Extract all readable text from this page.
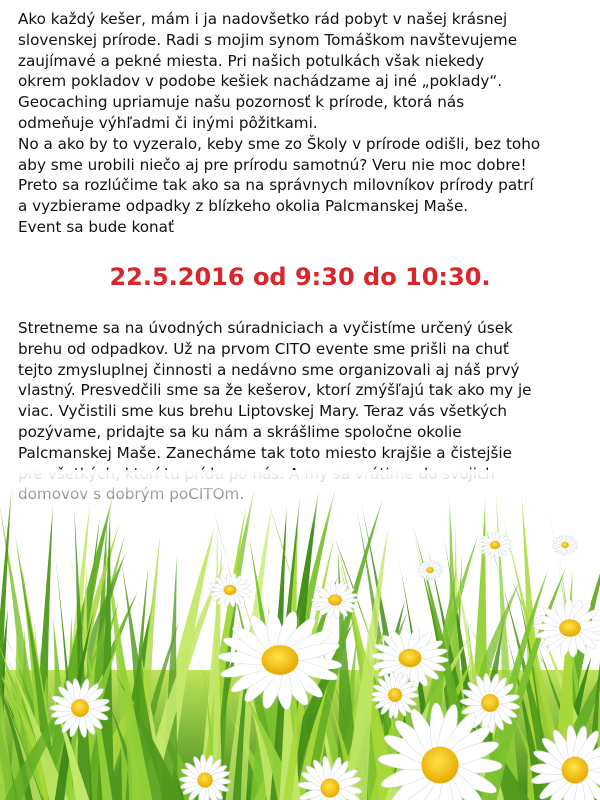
Ako každý kešer, mám i ja nadovšetko rád pobyt v našej krásnej
slovenskej prírode. Radi s mojim synom Tomáškom navštevujeme
zaujímavé a pekné miesta. Pri našich potulkách však niekedy
okrem pokladov v podobe kešiek nachádzame aj iné „poklady“.
Geocaching upriamuje našu pozornosť k prírode, ktorá nás
odmeňuje výhľadmi či inými pôžitkami.
No a ako by to vyzeralo, keby sme zo Školy v prírode odišli, bez toho
aby sme urobili niečo aj pre prírodu samotnú? Veru nie moc dobre!
Preto sa rozlúčime tak ako sa na správnych milovníkov prírody patrí
a vyzbierame odpadky z blízkeho okolia Palcmanskej Maše.
Event sa bude konať
22.5.2016 od 9:30 do 10:30.
Stretneme sa na úvodných súradniciach a vyčistíme určený úsek
brehu od odpadkov. Už na prvom CITO evente sme prišli na chuť
tejto zmysluplnej činnosti a nedávno sme organizovali aj náš prvý
vlastný. Presvedčili sme sa že kešerov, ktorí zmýšľajú tak ako my je
viac. Vyčistili sme kus brehu Liptovskej Mary. Teraz vás všetkých
pozývame, pridajte sa ku nám a skrášlime spoločne okolie
Palcmanskej Maše. Zanecháme tak toto miesto krajšie a čistejšie
